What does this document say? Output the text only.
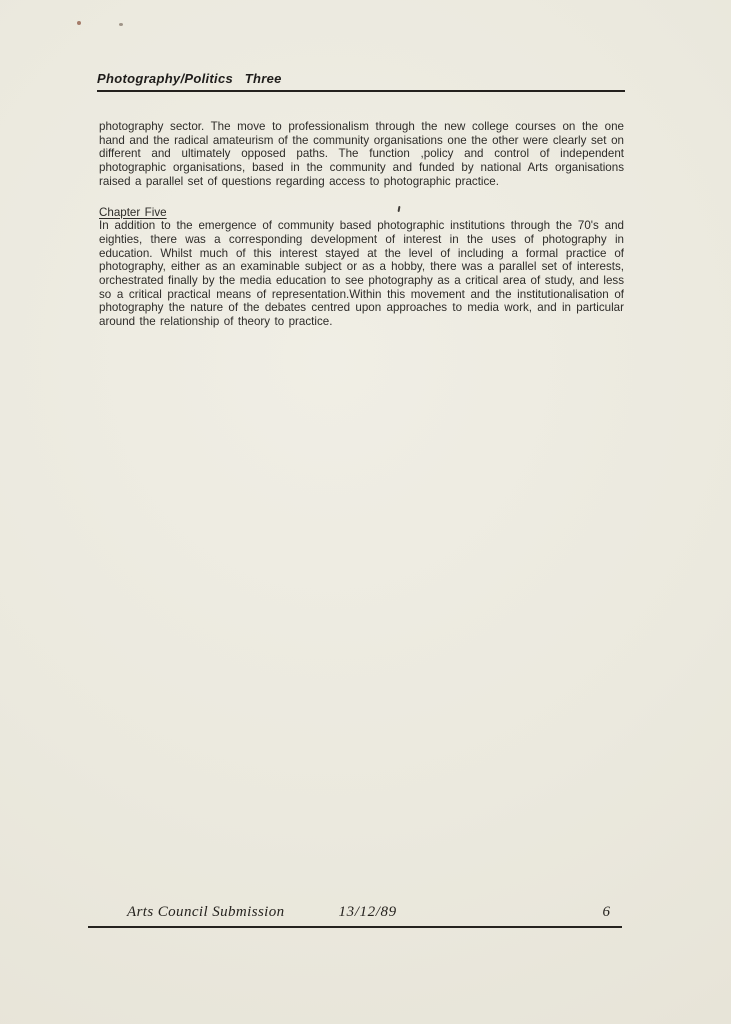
Photography/Politics   Three

photography sector. The move to professionalism through the new college courses on the one hand and the radical amateurism of the community organisations one the other were clearly set on different and ultimately opposed paths. The function ,policy and control of independent photographic organisations, based in the community and funded by national Arts organisations raised a parallel set of questions regarding access to photographic practice.

Chapter Five

In addition to the emergence of community based photographic institutions through the 70's and eighties, there was a corresponding development of interest in the uses of photography in education. Whilst much of this interest stayed at the level of including a formal practice of photography, either as an examinable subject or as a hobby, there was a parallel set of interests, orchestrated finally by the media education to see photography as a critical area of study, and less so a critical practical means of representation.Within this movement and the institutionalisation of photography the nature of the debates centred upon approaches to media work, and in particular around the relationship of theory to practice.

Arts Council Submission	13/12/89	6
